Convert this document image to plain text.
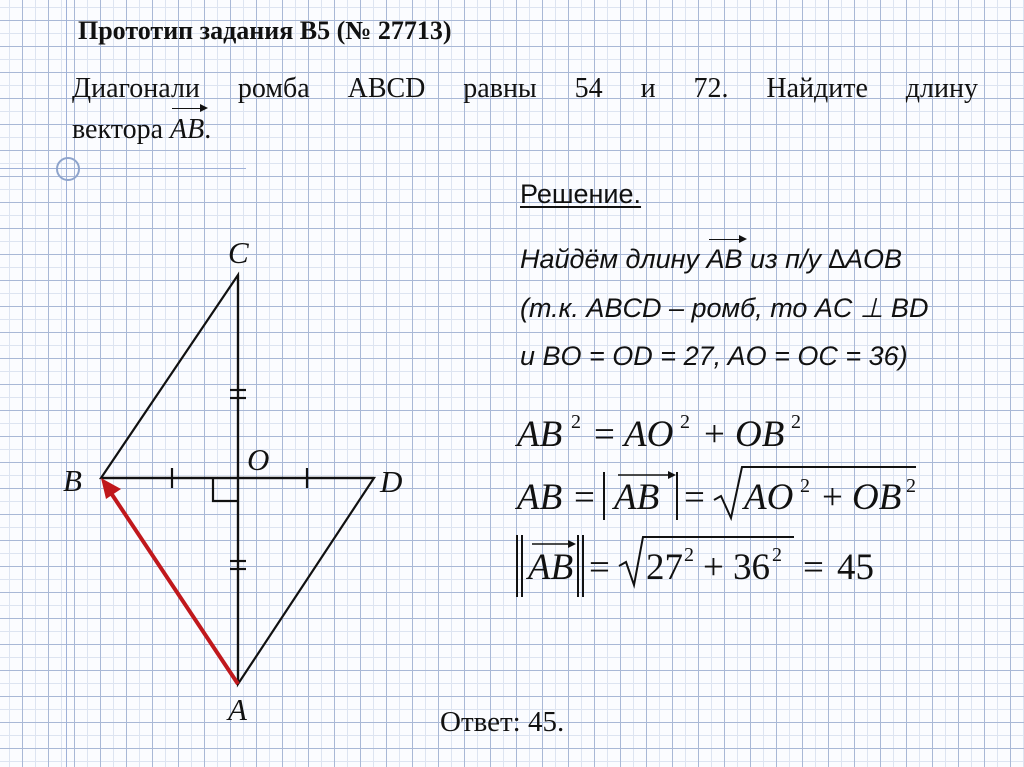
Прототип задания В5 (№ 27713)
Диагонали ромба ABCD равны 54 и 72. Найдите длину
вектора AB.
C
B	D
O
A
AB 2 = AO 2 + OB 2
AB = AB = AO 2 + OB 2
AB = 27 2 + 36 2 = 45
Решение.
Найдём длину AB из п/у ∆AOB
(т.к. ABCD – ромб, то AC ⊥ BD
и BO = OD = 27, AO = OC = 36)
Ответ: 45.
